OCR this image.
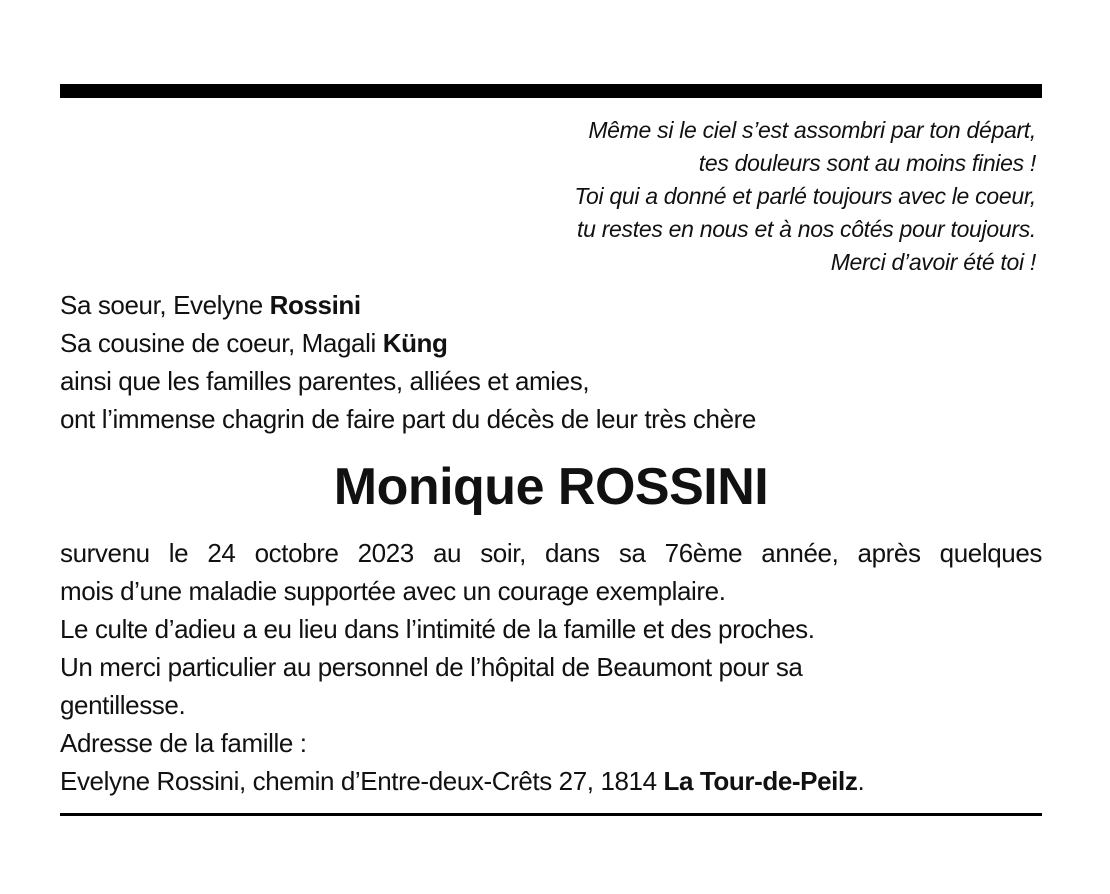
Même si le ciel s’est assombri par ton départ,
tes douleurs sont au moins finies !
Toi qui a donné et parlé toujours avec le coeur,
tu restes en nous et à nos côtés pour toujours.
Merci d’avoir été toi !
Sa soeur, Evelyne Rossini
Sa cousine de coeur, Magali Küng
ainsi que les familles parentes, alliées et amies,
ont l’immense chagrin de faire part du décès de leur très chère
Monique ROSSINI
survenu le 24 octobre 2023 au soir, dans sa 76ème année, après quelques
mois d’une maladie supportée avec un courage exemplaire.
Le culte d’adieu a eu lieu dans l’intimité de la famille et des proches.
Un merci particulier au personnel de l’hôpital de Beaumont pour sa
gentillesse.
Adresse de la famille :
Evelyne Rossini, chemin d’Entre-deux-Crêts 27, 1814 La Tour-de-Peilz.
